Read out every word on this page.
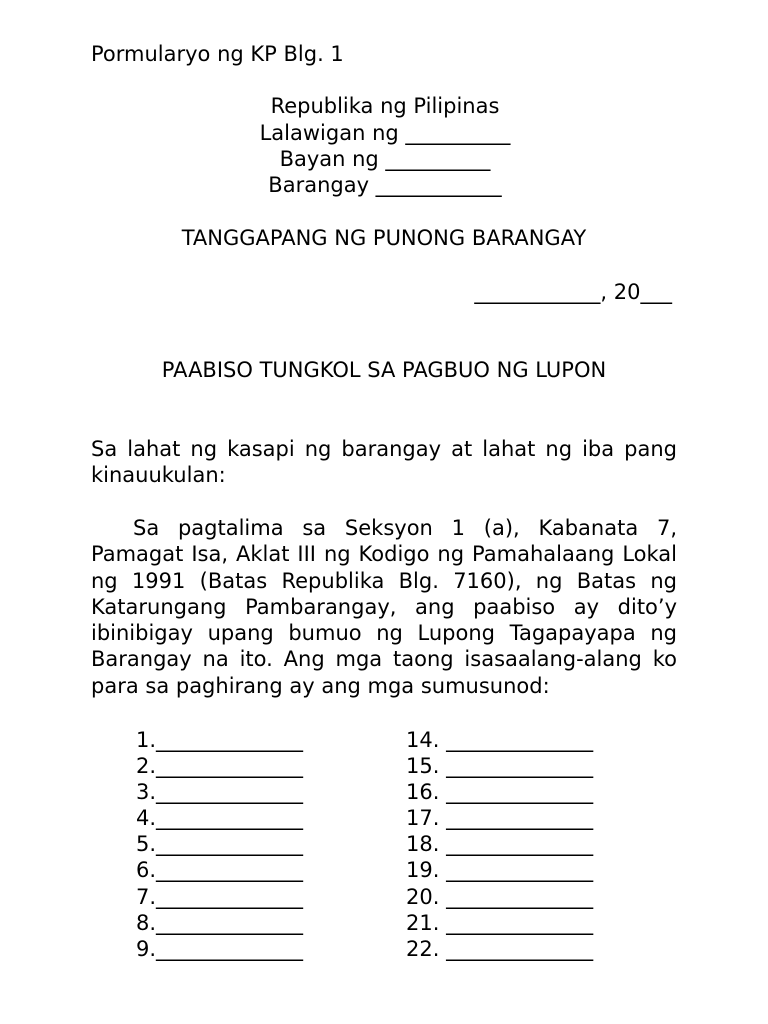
Pormularyo ng KP Blg. 1

Republika ng Pilipinas

Lalawigan ng __________

Bayan ng __________

Barangay ____________

TANGGAPANG NG PUNONG BARANGAY

____________, 20___

PAABISO TUNGKOL SA PAGBUO NG LUPON

Sa lahat ng kasapi ng barangay at lahat ng iba pang kinauukulan:

Sa pagtalima sa Seksyon 1 (a), Kabanata 7, Pamagat Isa, Aklat III ng Kodigo ng Pamahalaang Lokal ng 1991 (Batas Republika Blg. 7160), ng Batas ng Katarungang Pambarangay, ang paabiso ay dito’y ibinibigay upang bumuo ng Lupong Tagapayapa ng Barangay na ito. Ang mga taong isasaalang-alang ko para sa paghirang ay ang mga sumusunod:

1.______________
2.______________
3.______________
4.______________
5.______________
6.______________
7.______________
8.______________
9.______________
14. ______________
15. ______________
16. ______________
17. ______________
18. ______________
19. ______________
20. ______________
21. ______________
22. ______________
